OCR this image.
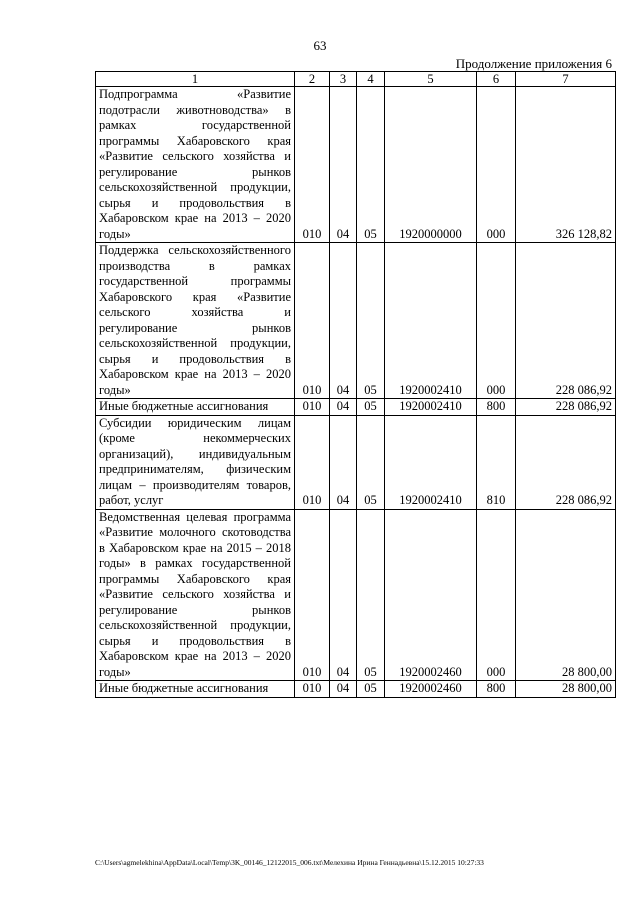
63
Продолжение приложения 6
1	2	3	4	5	6	7
Подпрограмма «Развитие подотрасли животноводства» в рамках государственной программы Хабаровского края «Развитие сельского хозяйства и регулирование рынков сельскохозяйственной продукции, сырья и продовольствия в Хабаровском крае на 2013 – 2020 годы»	010	04	05	1920000000	000	326 128,82
Поддержка сельскохозяйственного производства в рамках государственной программы Хабаровского края «Развитие сельского хозяйства и регулирование рынков сельскохозяйственной продукции, сырья и продовольствия в Хабаровском крае на 2013 – 2020 годы»	010	04	05	1920002410	000	228 086,92
Иные бюджетные ассигнования	010	04	05	1920002410	800	228 086,92
Субсидии юридическим лицам (кроме некоммерческих организаций), индивидуальным предпринимателям, физическим лицам – производителям товаров, работ, услуг	010	04	05	1920002410	810	228 086,92
Ведомственная целевая программа «Развитие молочного скотоводства в Хабаровском крае на 2015 – 2018 годы» в рамках государственной программы Хабаровского края «Развитие сельского хозяйства и регулирование рынков сельскохозяйственной продукции, сырья и продовольствия в Хабаровском крае на 2013 – 2020 годы»	010	04	05	1920002460	000	28 800,00
Иные бюджетные ассигнования	010	04	05	1920002460	800	28 800,00
C:\Users\agmelekhina\AppData\Local\Temp\3K_00146_12122015_006.txt\Мелехина Ирина Геннадьевна\15.12.2015 10:27:33
